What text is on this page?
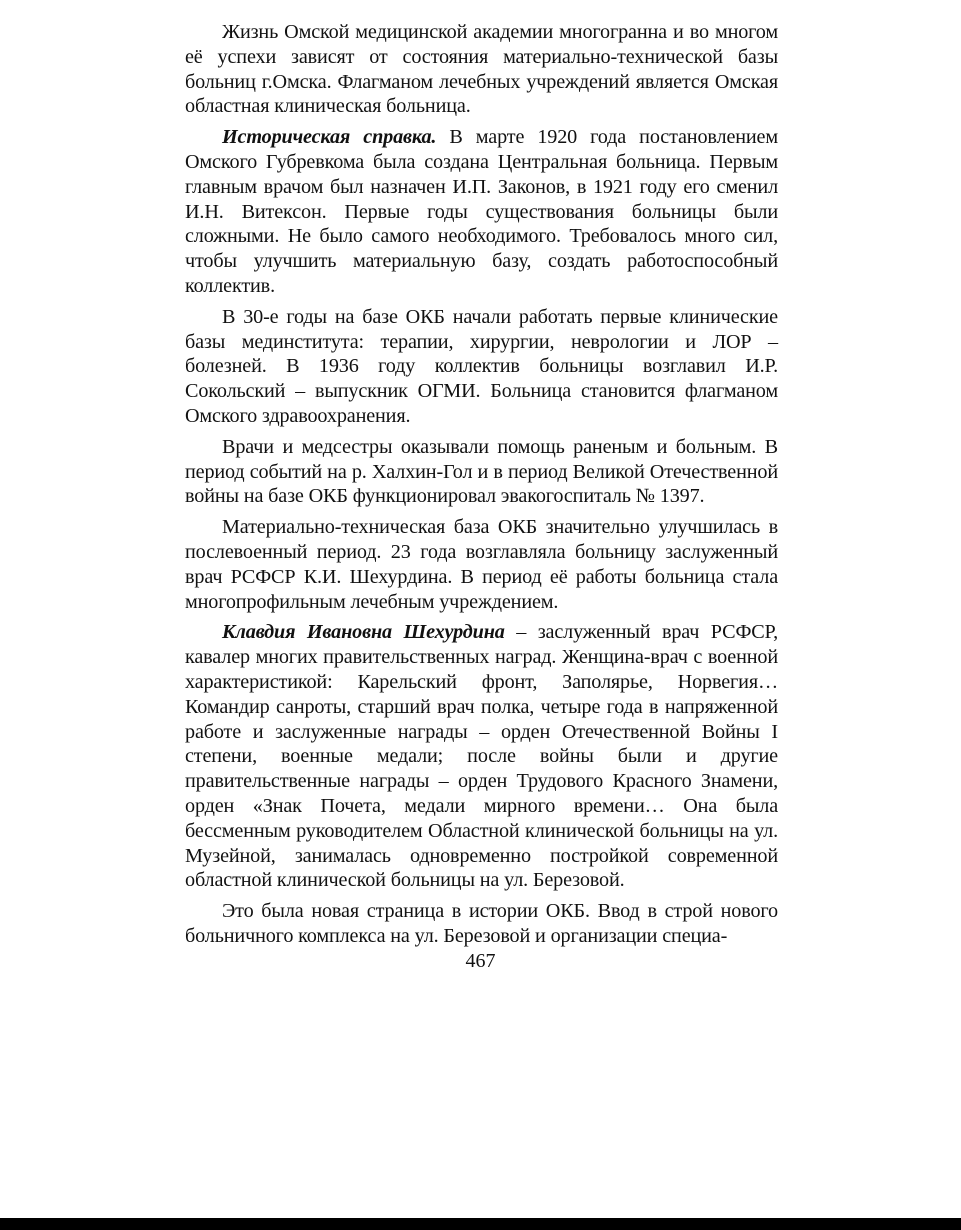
Жизнь Омской медицинской академии многогранна и во многом её успехи зависят от состояния материально-технической базы больниц г.Омска. Флагманом лечебных учреждений является Омская областная клиническая больница.

Историческая справка. В марте 1920 года постановлением Омского Губревкома была создана Центральная больница. Первым главным врачом был назначен И.П. Законов, в 1921 году его сменил И.Н. Витексон. Первые годы существования больницы были сложными. Не было самого необходимого. Требовалось много сил, чтобы улучшить материальную базу, создать работоспособный коллектив.

В 30-е годы на базе ОКБ начали работать первые клинические базы мединститута: терапии, хирургии, неврологии и ЛОР – болезней. В 1936 году коллектив больницы возглавил И.Р. Сокольский – выпускник ОГМИ. Больница становится флагманом Омского здравоохранения.

Врачи и медсестры оказывали помощь раненым и больным. В период событий на р. Халхин-Гол и в период Великой Отечественной войны на базе ОКБ функционировал эвакогоспиталь № 1397.

Материально-техническая база ОКБ значительно улучшилась в послевоенный период. 23 года возглавляла больницу заслуженный врач РСФСР К.И. Шехурдина. В период её работы больница стала многопрофильным лечебным учреждением.

Клавдия Ивановна Шехурдина – заслуженный врач РСФСР, кавалер многих правительственных наград. Женщина-врач с военной характеристикой: Карельский фронт, Заполярье, Норвегия… Командир санроты, старший врач полка, четыре года в напряженной работе и заслуженные награды – орден Отечественной Войны I степени, военные медали; после войны были и другие правительственные награды – орден Трудового Красного Знамени, орден «Знак Почета, медали мирного времени… Она была бессменным руководителем Областной клинической больницы на ул. Музейной, занималась одновременно постройкой современной областной клинической больницы на ул. Березовой.

Это была новая страница в истории ОКБ. Ввод в строй нового больничного комплекса на ул. Березовой и организации специа-

467
